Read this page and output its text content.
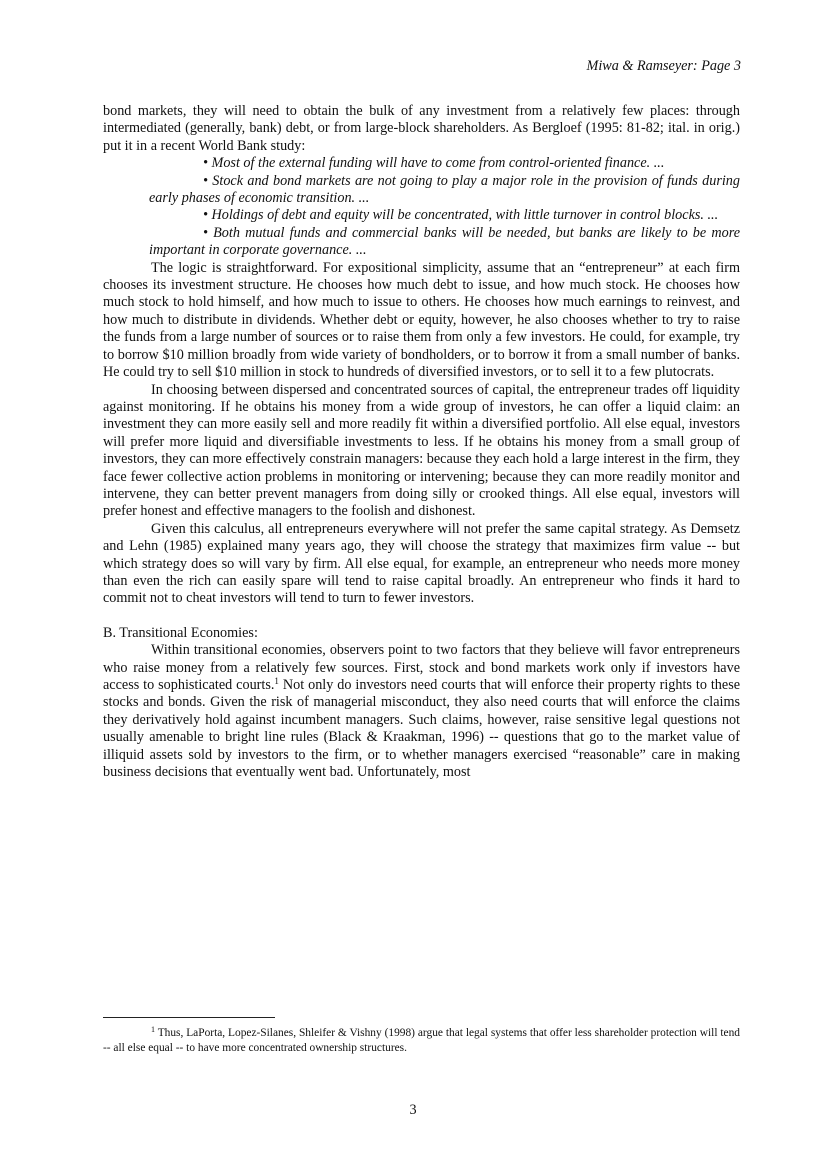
Miwa & Ramseyer: Page 3

bond markets, they will need to obtain the bulk of any investment from a relatively few places: through intermediated (generally, bank) debt, or from large-block shareholders. As Bergloef (1995: 81-82; ital. in orig.) put it in a recent World Bank study:

• Most of the external funding will have to come from control-oriented finance. ...

• Stock and bond markets are not going to play a major role in the provision of funds during early phases of economic transition. ...

• Holdings of debt and equity will be concentrated, with little turnover in control blocks. ...

• Both mutual funds and commercial banks will be needed, but banks are likely to be more important in corporate governance. ...

The logic is straightforward. For expositional simplicity, assume that an “entrepreneur” at each firm chooses its investment structure. He chooses how much debt to issue, and how much stock. He chooses how much stock to hold himself, and how much to issue to others. He chooses how much earnings to reinvest, and how much to distribute in dividends. Whether debt or equity, however, he also chooses whether to try to raise the funds from a large number of sources or to raise them from only a few investors. He could, for example, try to borrow $10 million broadly from wide variety of bondholders, or to borrow it from a small number of banks. He could try to sell $10 million in stock to hundreds of diversified investors, or to sell it to a few plutocrats.

In choosing between dispersed and concentrated sources of capital, the entrepreneur trades off liquidity against monitoring. If he obtains his money from a wide group of investors, he can offer a liquid claim: an investment they can more easily sell and more readily fit within a diversified portfolio. All else equal, investors will prefer more liquid and diversifiable investments to less. If he obtains his money from a small group of investors, they can more effectively constrain managers: because they each hold a large interest in the firm, they face fewer collective action problems in monitoring or intervening; because they can more readily monitor and intervene, they can better prevent managers from doing silly or crooked things. All else equal, investors will prefer honest and effective managers to the foolish and dishonest.

Given this calculus, all entrepreneurs everywhere will not prefer the same capital strategy. As Demsetz and Lehn (1985) explained many years ago, they will choose the strategy that maximizes firm value -- but which strategy does so will vary by firm. All else equal, for example, an entrepreneur who needs more money than even the rich can easily spare will tend to raise capital broadly. An entrepreneur who finds it hard to commit not to cheat investors will tend to turn to fewer investors.

B. Transitional Economies:

Within transitional economies, observers point to two factors that they believe will favor entrepreneurs who raise money from a relatively few sources. First, stock and bond markets work only if investors have access to sophisticated courts.$^1$ Not only do investors need courts that will enforce their property rights to these stocks and bonds. Given the risk of managerial misconduct, they also need courts that will enforce the claims they derivatively hold against incumbent managers. Such claims, however, raise sensitive legal questions not usually amenable to bright line rules (Black & Kraakman, 1996) -- questions that go to the market value of illiquid assets sold by investors to the firm, or to whether managers exercised “reasonable” care in making business decisions that eventually went bad. Unfortunately, most

$^1$ Thus, LaPorta, Lopez-Silanes, Shleifer & Vishny (1998) argue that legal systems that offer less shareholder protection will tend -- all else equal -- to have more concentrated ownership structures.

3
